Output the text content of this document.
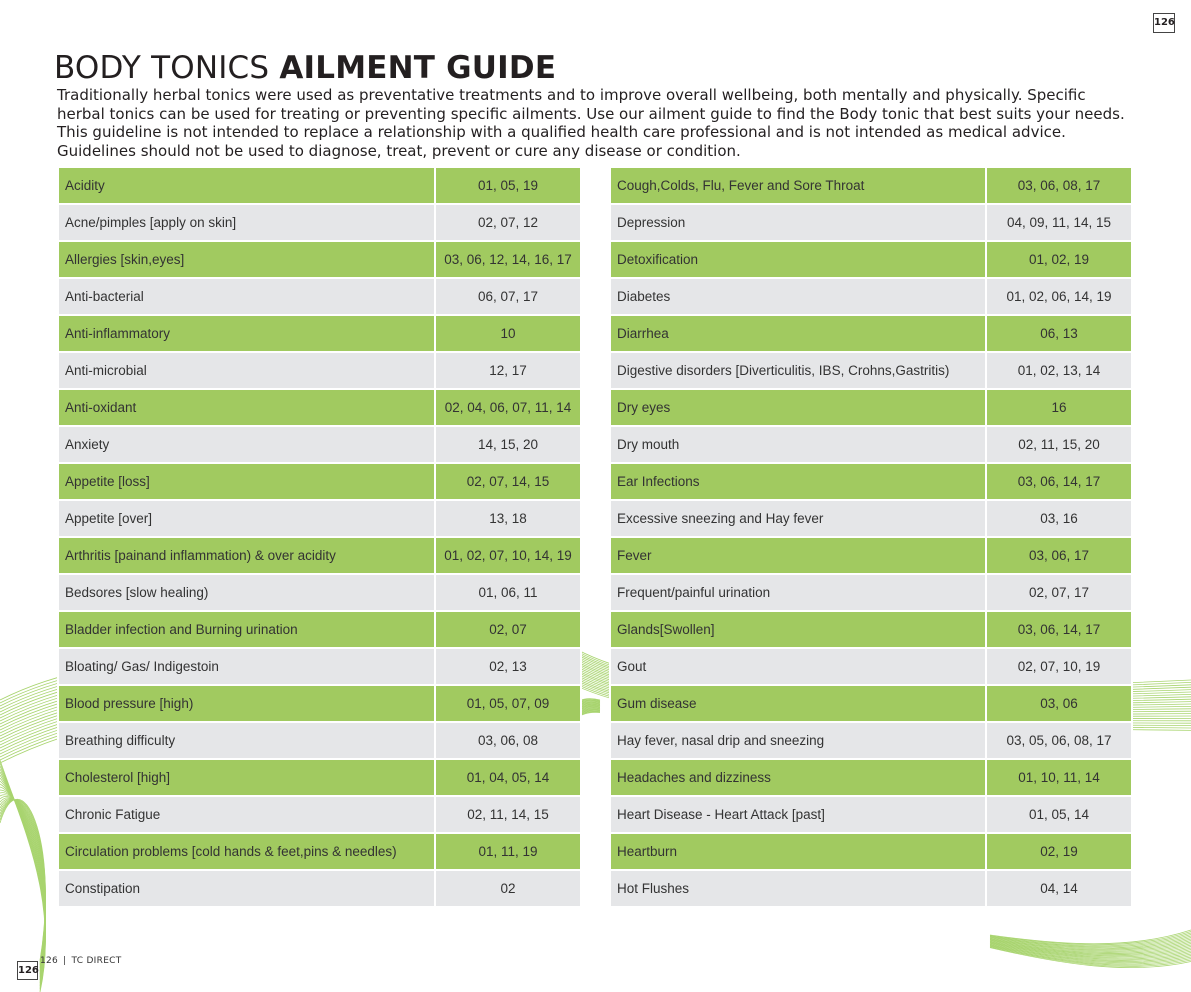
126
BODY TONICS AILMENT GUIDE
Traditionally herbal tonics were used as preventative treatments and to improve overall wellbeing, both mentally and physically. Specific herbal tonics can be used for treating or preventing specific ailments. Use our ailment guide to find the Body tonic that best suits your needs. This guideline is not intended to replace a relationship with a qualified health care professional and is not intended as medical advice. Guidelines should not be used to diagnose, treat, prevent or cure any disease or condition.
Acidity	01, 05, 19
Acne/pimples [apply on skin]	02, 07, 12
Allergies [skin,eyes]	03, 06, 12, 14, 16, 17
Anti-bacterial	06, 07, 17
Anti-inflammatory	10
Anti-microbial	12, 17
Anti-oxidant	02, 04, 06, 07, 11, 14
Anxiety	14, 15, 20
Appetite [loss]	02, 07, 14, 15
Appetite [over]	13, 18
Arthritis [painand inflammation) & over acidity	01, 02, 07, 10, 14, 19
Bedsores [slow healing)	01, 06, 11
Bladder infection and Burning urination	02, 07
Bloating/ Gas/ Indigestoin	02, 13
Blood pressure [high)	01, 05, 07, 09
Breathing difficulty	03, 06, 08
Cholesterol [high]	01, 04, 05, 14
Chronic Fatigue	02, 11, 14, 15
Circulation problems [cold hands & feet,pins & needles)	01, 11, 19
Constipation	02
Cough,Colds, Flu, Fever and Sore Throat	03, 06, 08, 17
Depression	04, 09, 11, 14, 15
Detoxification	01, 02, 19
Diabetes	01, 02, 06, 14, 19
Diarrhea	06, 13
Digestive disorders [Diverticulitis, IBS, Crohns,Gastritis)	01, 02, 13, 14
Dry eyes	16
Dry mouth	02, 11, 15, 20
Ear Infections	03, 06, 14, 17
Excessive sneezing and Hay fever	03, 16
Fever	03, 06, 17
Frequent/painful urination	02, 07, 17
Glands[Swollen]	03, 06, 14, 17
Gout	02, 07, 10, 19
Gum disease	03, 06
Hay fever, nasal drip and sneezing	03, 05, 06, 08, 17
Headaches and dizziness	01, 10, 11, 14
Heart Disease - Heart Attack [past]	01, 05, 14
Heartburn	02, 19
Hot Flushes	04, 14
126
126 | TC DIRECT
